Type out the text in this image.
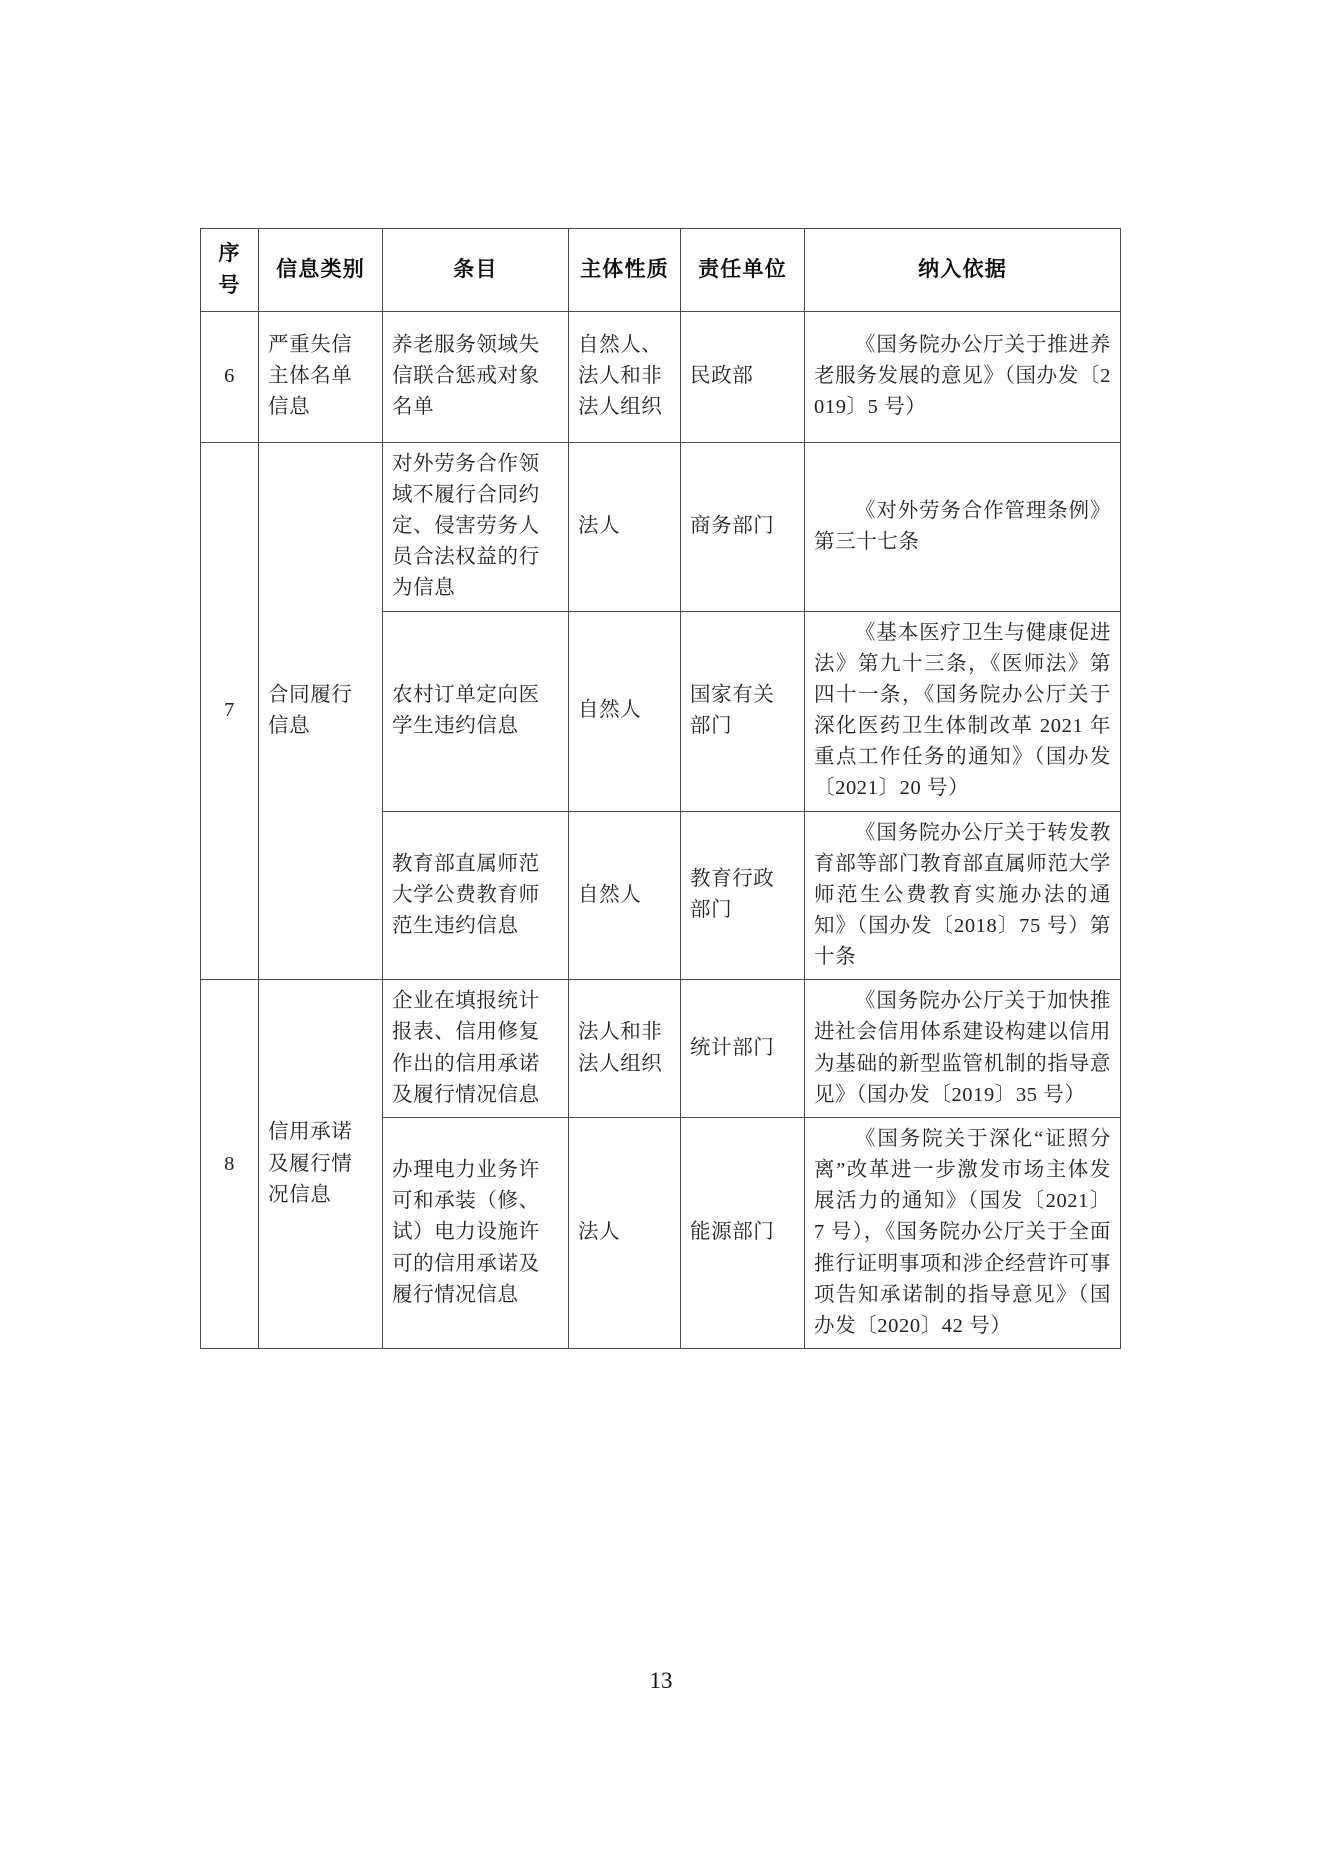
序
号	信息类别	条目	主体性质	责任单位	纳入依据
6	严重失信主体名单信息	养老服务领域失信联合惩戒对象名单	自然人、法人和非法人组织	民政部	《国务院办公厅关于推进养老服务发展的意见》（国办发〔2019〕5 号）

7	合同履行信息	对外劳务合作领域不履行合同约定、侵害劳务人员合法权益的行为信息	法人	商务部门	《对外劳务合作管理条例》第三十七条

		农村订单定向医学生违约信息	自然人	国家有关部门	《基本医疗卫生与健康促进法》第九十三条，《医师法》第四十一条，《国务院办公厅关于深化医药卫生体制改革 2021 年重点工作任务的通知》（国办发〔2021〕20 号）

		教育部直属师范大学公费教育师范生违约信息	自然人	教育行政部门	《国务院办公厅关于转发教育部等部门教育部直属师范大学师范生公费教育实施办法的通知》（国办发〔2018〕75 号）第十条

8	信用承诺及履行情况信息	企业在填报统计报表、信用修复作出的信用承诺及履行情况信息	法人和非法人组织	统计部门	《国务院办公厅关于加快推进社会信用体系建设构建以信用为基础的新型监管机制的指导意见》（国办发〔2019〕35 号）

		办理电力业务许可和承装（修、试）电力设施许可的信用承诺及履行情况信息	法人	能源部门	《国务院关于深化“证照分离”改革进一步激发市场主体发展活力的通知》（国发〔2021〕7 号），《国务院办公厅关于全面推行证明事项和涉企经营许可事项告知承诺制的指导意见》（国办发〔2020〕42 号）
13
